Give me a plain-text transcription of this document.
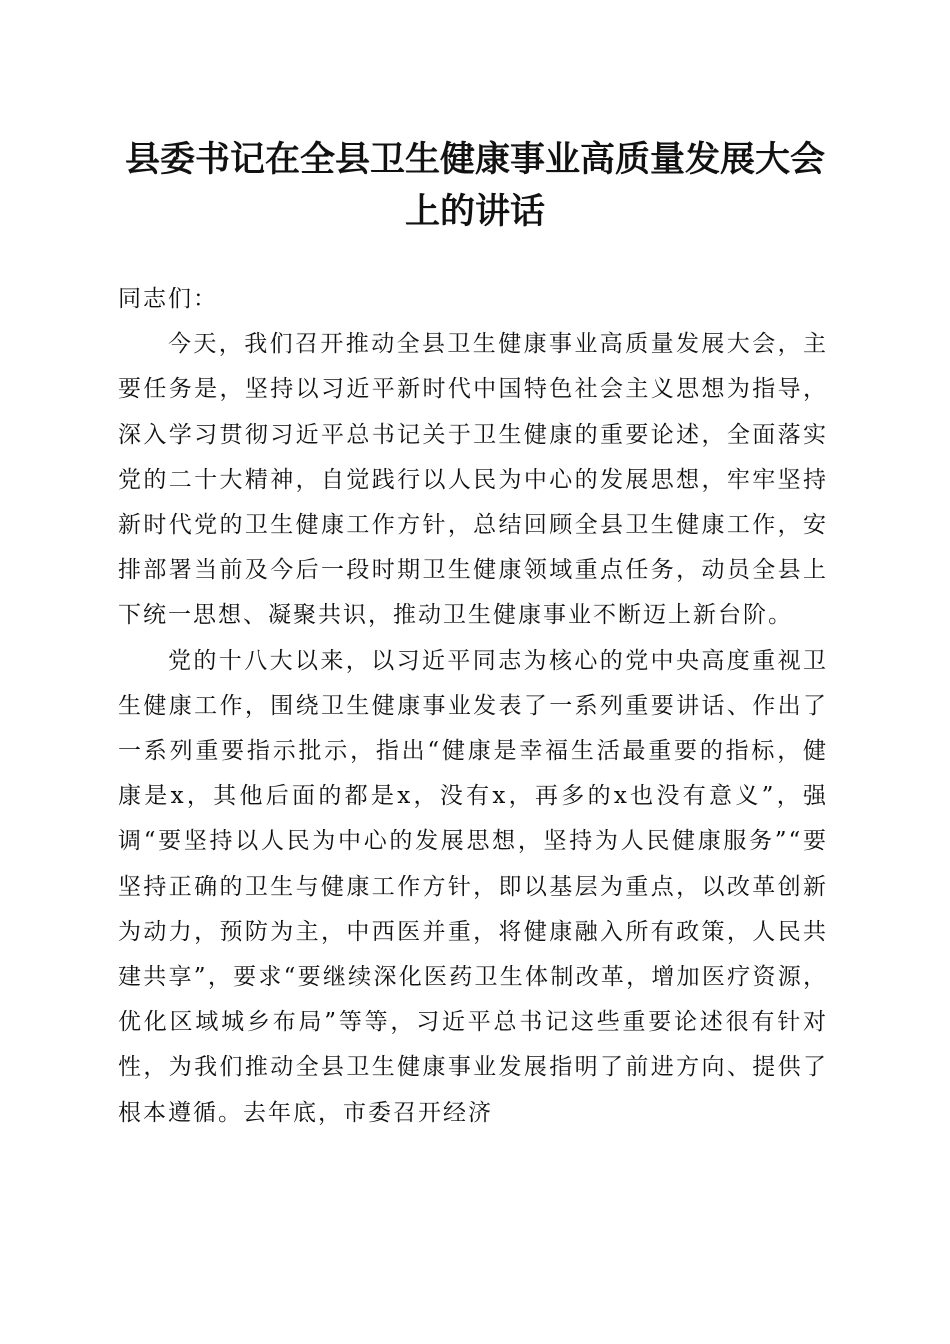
县委书记在全县卫生健康事业高质量发展大会上的讲话

同志们：

今天，我们召开推动全县卫生健康事业高质量发展大会，主要任务是，坚持以习近平新时代中国特色社会主义思想为指导，深入学习贯彻习近平总书记关于卫生健康的重要论述，全面落实党的二十大精神，自觉践行以人民为中心的发展思想，牢牢坚持新时代党的卫生健康工作方针，总结回顾全县卫生健康工作，安排部署当前及今后一段时期卫生健康领域重点任务，动员全县上下统一思想、凝聚共识，推动卫生健康事业不断迈上新台阶。

党的十八大以来，以习近平同志为核心的党中央高度重视卫生健康工作，围绕卫生健康事业发表了一系列重要讲话、作出了一系列重要指示批示，指出“健康是幸福生活最重要的指标，健康是x，其他后面的都是x，没有x，再多的x也没有意义”，强调“要坚持以人民为中心的发展思想，坚持为人民健康服务”“要坚持正确的卫生与健康工作方针，即以基层为重点，以改革创新为动力，预防为主，中西医并重，将健康融入所有政策，人民共建共享”，要求“要继续深化医药卫生体制改革，增加医疗资源，优化区域城乡布局”等等，习近平总书记这些重要论述很有针对性，为我们推动全县卫生健康事业发展指明了前进方向、提供了根本遵循。去年底，市委召开经济
